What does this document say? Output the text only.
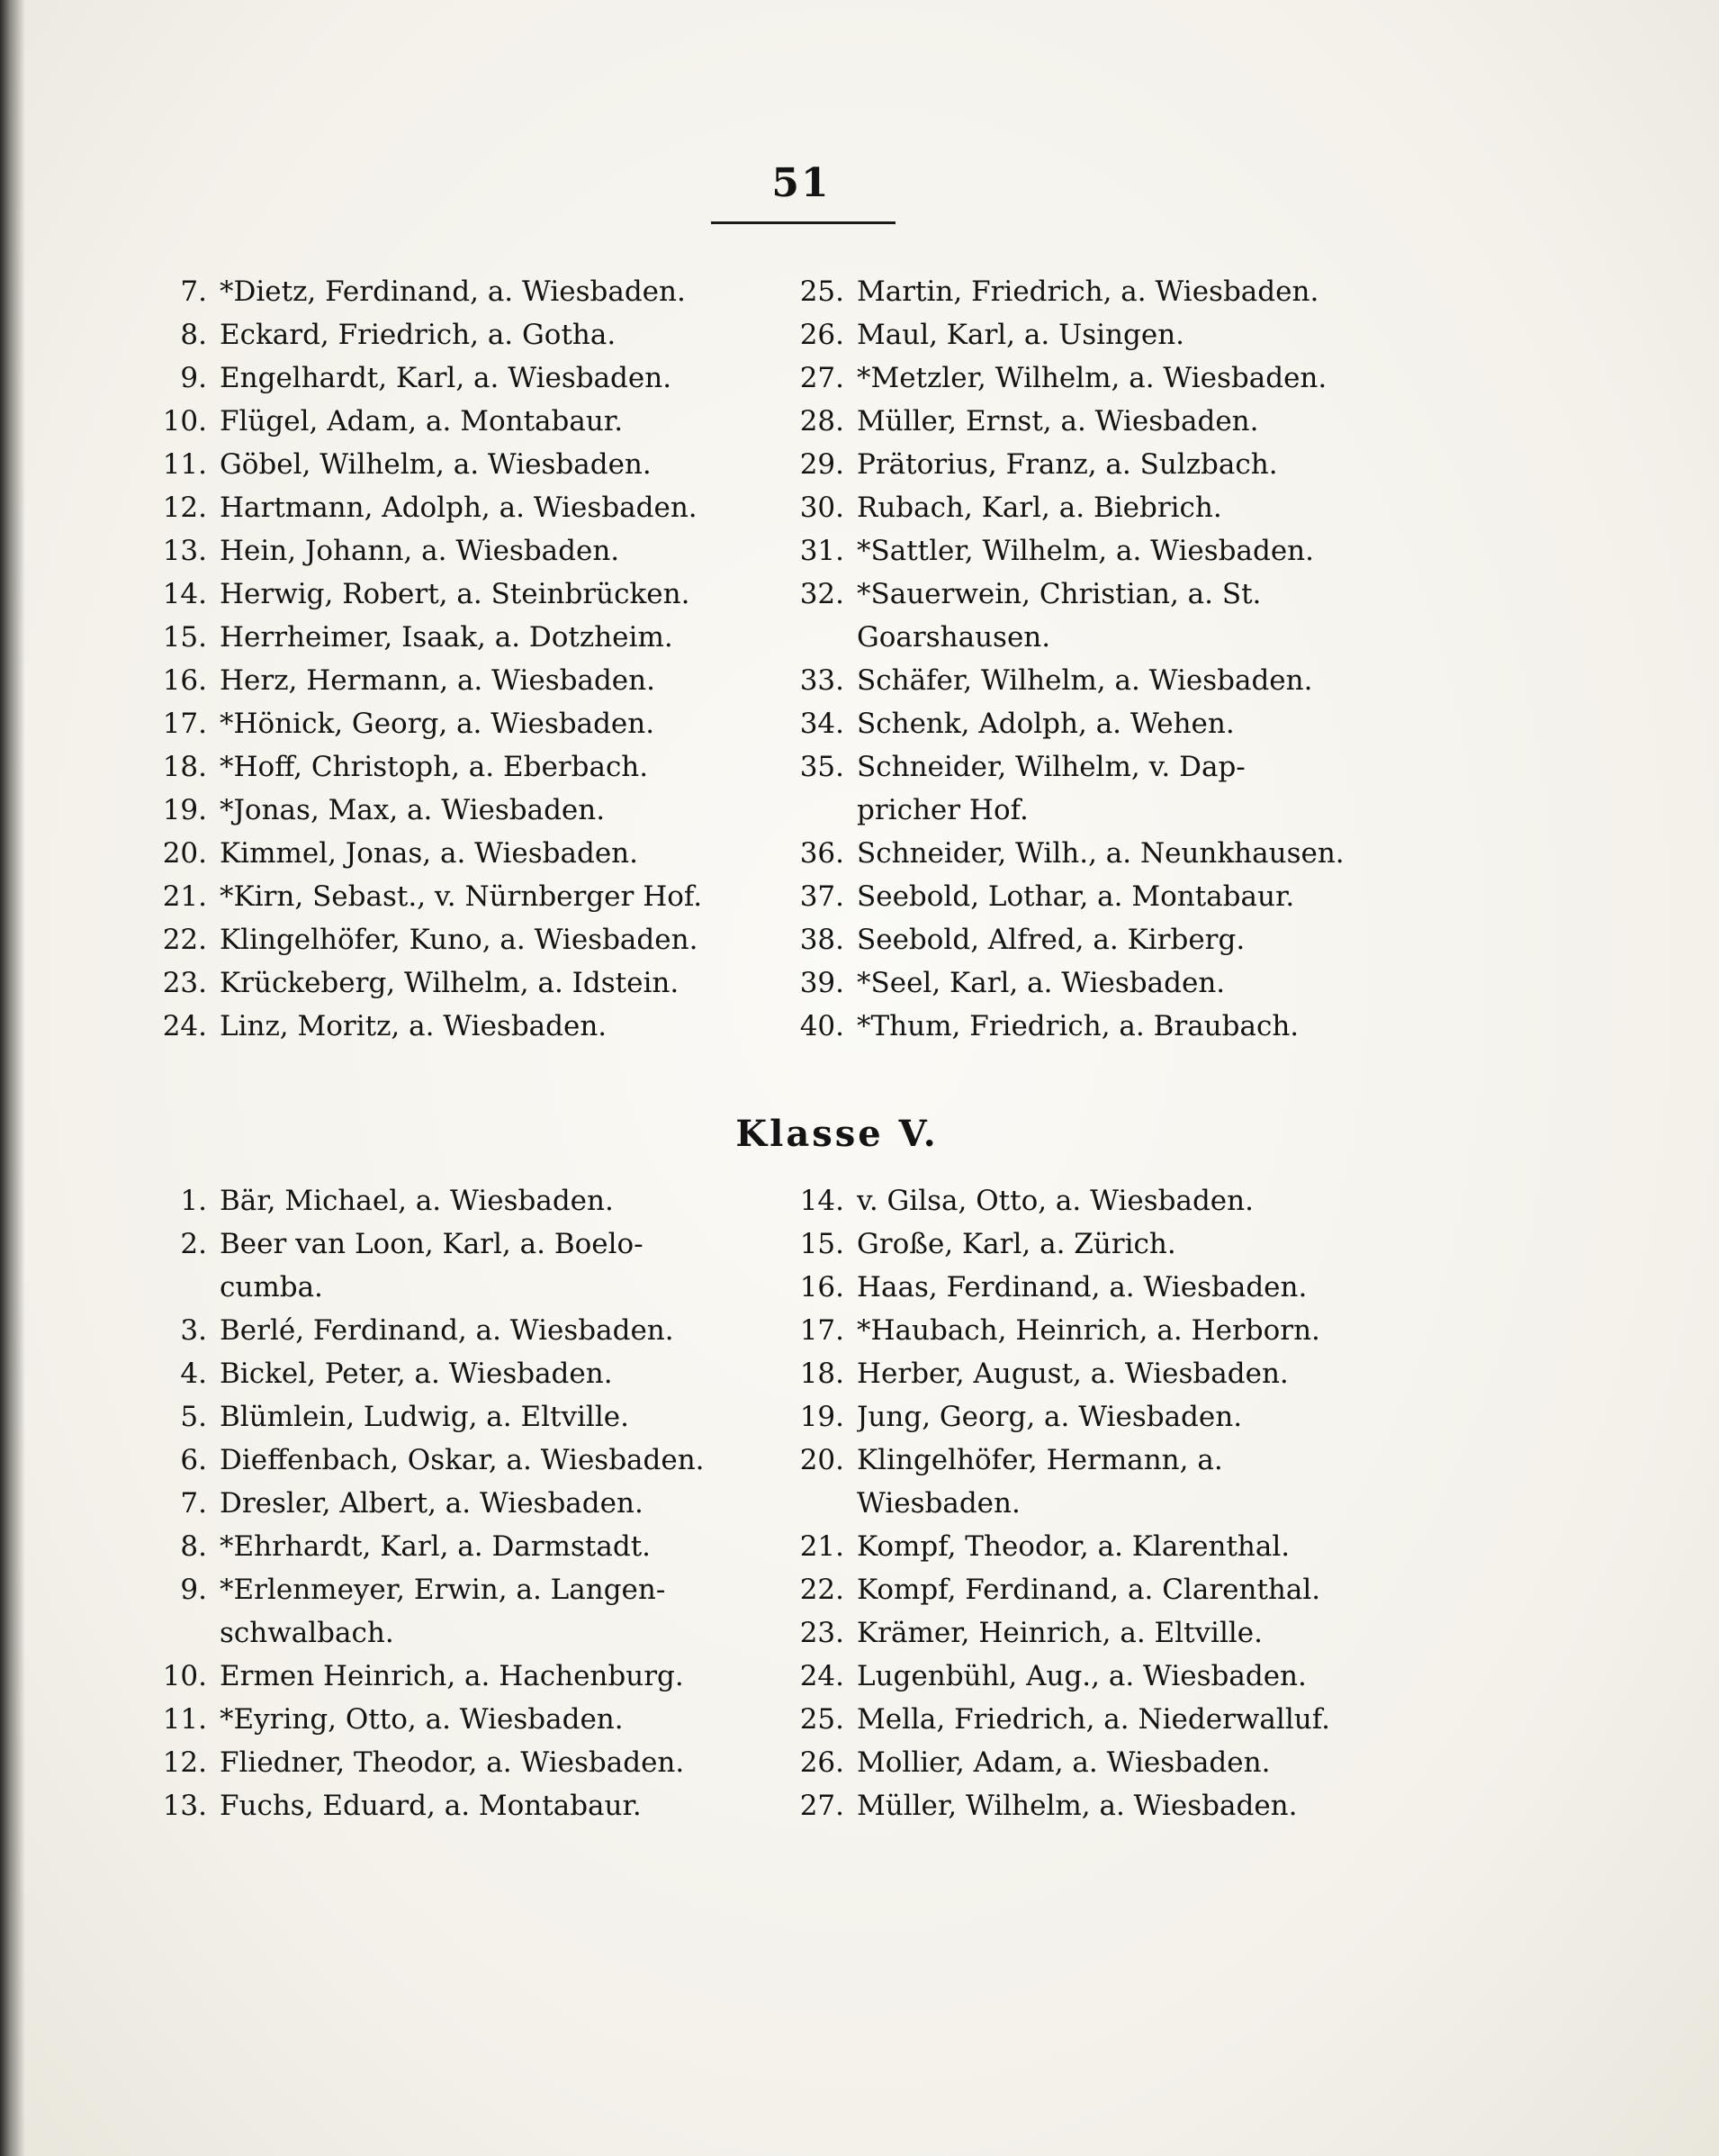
51
7. *Dietz, Ferdinand, a. Wiesbaden.
8. Eckard, Friedrich, a. Gotha.
9. Engelhardt, Karl, a. Wiesbaden.
10. Flügel, Adam, a. Montabaur.
11. Göbel, Wilhelm, a. Wiesbaden.
12. Hartmann, Adolph, a. Wiesbaden.
13. Hein, Johann, a. Wiesbaden.
14. Herwig, Robert, a. Steinbrücken.
15. Herrheimer, Isaak, a. Dotzheim.
16. Herz, Hermann, a. Wiesbaden.
17. *Hönick, Georg, a. Wiesbaden.
18. *Hoff, Christoph, a. Eberbach.
19. *Jonas, Max, a. Wiesbaden.
20. Kimmel, Jonas, a. Wiesbaden.
21. *Kirn, Sebast., v. Nürnberger Hof.
22. Klingelhöfer, Kuno, a. Wiesbaden.
23. Krückeberg, Wilhelm, a. Idstein.
24. Linz, Moritz, a. Wiesbaden.
25. Martin, Friedrich, a. Wiesbaden.
26. Maul, Karl, a. Usingen.
27. *Metzler, Wilhelm, a. Wiesbaden.
28. Müller, Ernst, a. Wiesbaden.
29. Prätorius, Franz, a. Sulzbach.
30. Rubach, Karl, a. Biebrich.
31. *Sattler, Wilhelm, a. Wiesbaden.
32. *Sauerwein, Christian, a. St.
Goarshausen.
33. Schäfer, Wilhelm, a. Wiesbaden.
34. Schenk, Adolph, a. Wehen.
35. Schneider, Wilhelm, v. Dap-
pricher Hof.
36. Schneider, Wilh., a. Neunkhausen.
37. Seebold, Lothar, a. Montabaur.
38. Seebold, Alfred, a. Kirberg.
39. *Seel, Karl, a. Wiesbaden.
40. *Thum, Friedrich, a. Braubach.
Klasse V.
1. Bär, Michael, a. Wiesbaden.
2. Beer van Loon, Karl, a. Boelo-
cumba.
3. Berlé, Ferdinand, a. Wiesbaden.
4. Bickel, Peter, a. Wiesbaden.
5. Blümlein, Ludwig, a. Eltville.
6. Dieffenbach, Oskar, a. Wiesbaden.
7. Dresler, Albert, a. Wiesbaden.
8. *Ehrhardt, Karl, a. Darmstadt.
9. *Erlenmeyer, Erwin, a. Langen-
schwalbach.
10. Ermen Heinrich, a. Hachenburg.
11. *Eyring, Otto, a. Wiesbaden.
12. Fliedner, Theodor, a. Wiesbaden.
13. Fuchs, Eduard, a. Montabaur.
14. v. Gilsa, Otto, a. Wiesbaden.
15. Große, Karl, a. Zürich.
16. Haas, Ferdinand, a. Wiesbaden.
17. *Haubach, Heinrich, a. Herborn.
18. Herber, August, a. Wiesbaden.
19. Jung, Georg, a. Wiesbaden.
20. Klingelhöfer, Hermann, a.
Wiesbaden.
21. Kompf, Theodor, a. Klarenthal.
22. Kompf, Ferdinand, a. Clarenthal.
23. Krämer, Heinrich, a. Eltville.
24. Lugenbühl, Aug., a. Wiesbaden.
25. Mella, Friedrich, a. Niederwalluf.
26. Mollier, Adam, a. Wiesbaden.
27. Müller, Wilhelm, a. Wiesbaden.
